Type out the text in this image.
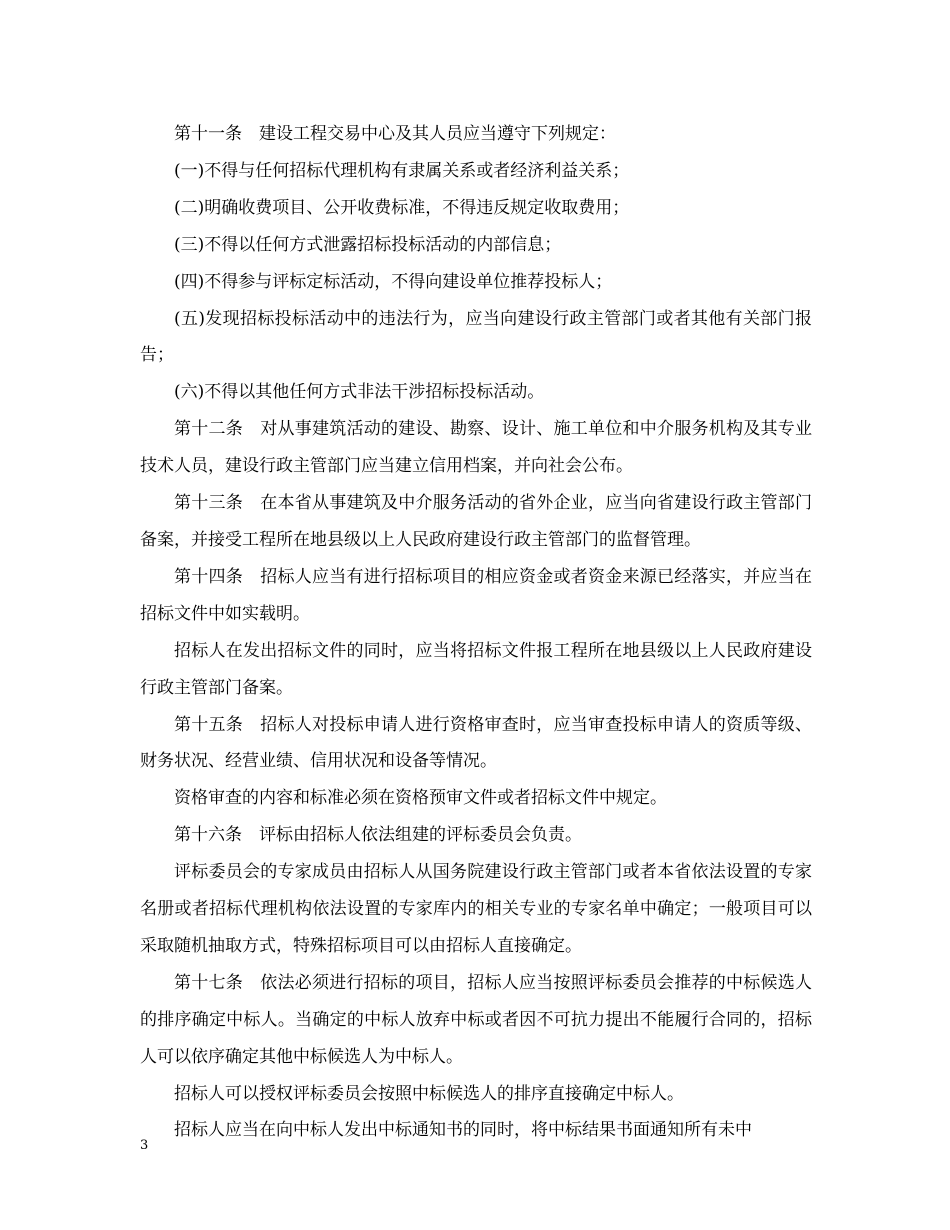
第十一条　建设工程交易中心及其人员应当遵守下列规定：

(一)不得与任何招标代理机构有隶属关系或者经济利益关系；

(二)明确收费项目、公开收费标准，不得违反规定收取费用；

(三)不得以任何方式泄露招标投标活动的内部信息；

(四)不得参与评标定标活动，不得向建设单位推荐投标人；

(五)发现招标投标活动中的违法行为，应当向建设行政主管部门或者其他有关部门报告；

(六)不得以其他任何方式非法干涉招标投标活动。

第十二条　对从事建筑活动的建设、勘察、设计、施工单位和中介服务机构及其专业技术人员，建设行政主管部门应当建立信用档案，并向社会公布。

第十三条　在本省从事建筑及中介服务活动的省外企业，应当向省建设行政主管部门备案，并接受工程所在地县级以上人民政府建设行政主管部门的监督管理。

第十四条　招标人应当有进行招标项目的相应资金或者资金来源已经落实，并应当在招标文件中如实载明。

招标人在发出招标文件的同时，应当将招标文件报工程所在地县级以上人民政府建设行政主管部门备案。

第十五条　招标人对投标申请人进行资格审查时，应当审查投标申请人的资质等级、财务状况、经营业绩、信用状况和设备等情况。

资格审查的内容和标准必须在资格预审文件或者招标文件中规定。

第十六条　评标由招标人依法组建的评标委员会负责。

评标委员会的专家成员由招标人从国务院建设行政主管部门或者本省依法设置的专家名册或者招标代理机构依法设置的专家库内的相关专业的专家名单中确定；一般项目可以采取随机抽取方式，特殊招标项目可以由招标人直接确定。

第十七条　依法必须进行招标的项目，招标人应当按照评标委员会推荐的中标候选人的排序确定中标人。当确定的中标人放弃中标或者因不可抗力提出不能履行合同的，招标人可以依序确定其他中标候选人为中标人。

招标人可以授权评标委员会按照中标候选人的排序直接确定中标人。

招标人应当在向中标人发出中标通知书的同时，将中标结果书面通知所有未中

3
